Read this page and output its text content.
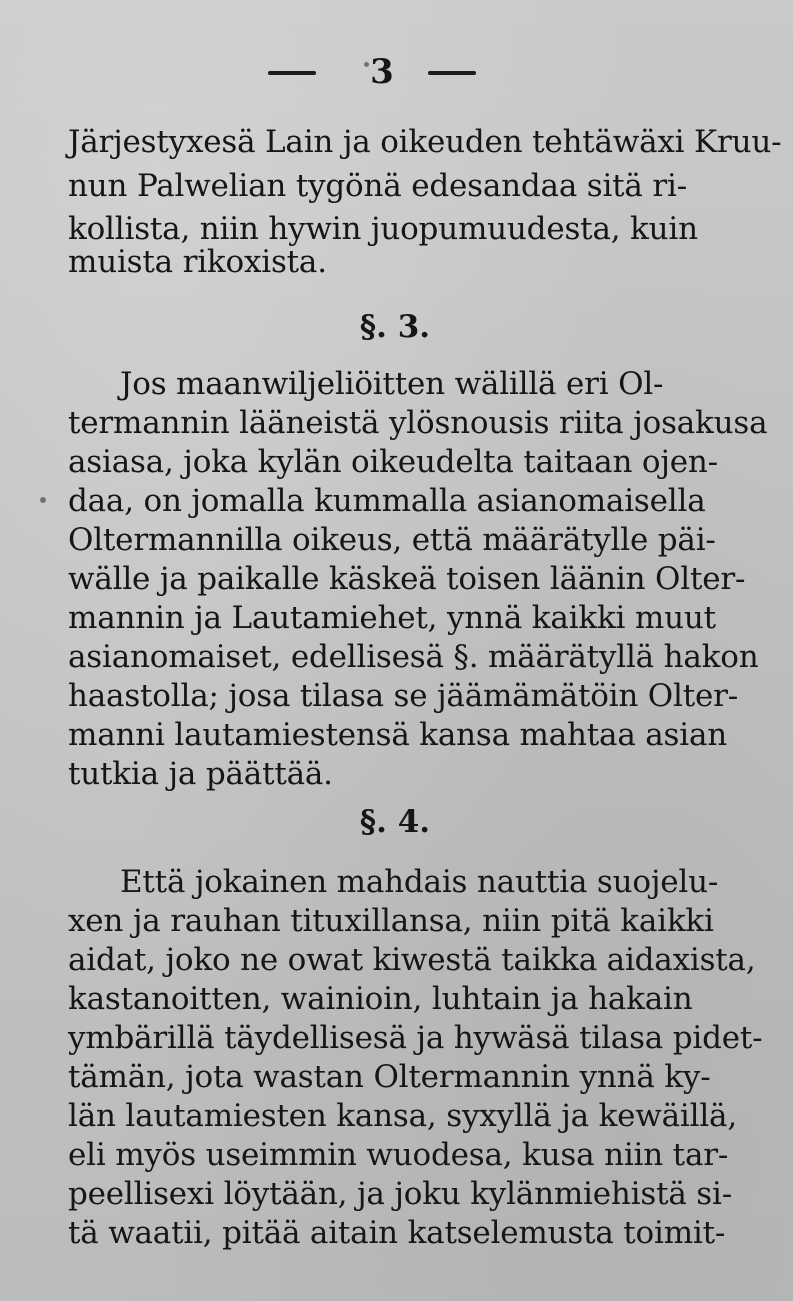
3
Järjestyxesä Lain ja oikeuden tehtäwäxi Kruu-
nun Palwelian tygönä edesandaa sitä ri-
kollista, niin hywin juopumuudesta, kuin
muista rikoxista.
§. 3.
Jos maanwiljeliöitten wälillä eri Ol-
termannin lääneistä ylösnousis riita josakusa
asiasa, joka kylän oikeudelta taitaan ojen-
daa, on jomalla kummalla asianomaisella
Oltermannilla oikeus, että määrätylle päi-
wälle ja paikalle käskeä toisen läänin Olter-
mannin ja Lautamiehet, ynnä kaikki muut
asianomaiset, edellisesä §. määrätyllä hakon
haastolla; josa tilasa se jäämämätöin Olter-
manni lautamiestensä kansa mahtaa asian
tutkia ja päättää.
§. 4.
Että jokainen mahdais nauttia suojelu-
xen ja rauhan tituxillansa, niin pitä kaikki
aidat, joko ne owat kiwestä taikka aidaxista,
kastanoitten, wainioin, luhtain ja hakain
ymbärillä täydellisesä ja hywäsä tilasa pidet-
tämän, jota wastan Oltermannin ynnä ky-
län lautamiesten kansa, syxyllä ja kewäillä,
eli myös useimmin wuodesa, kusa niin tar-
peellisexi löytään, ja joku kylänmiehistä si-
tä waatii, pitää aitain katselemusta toimit-
